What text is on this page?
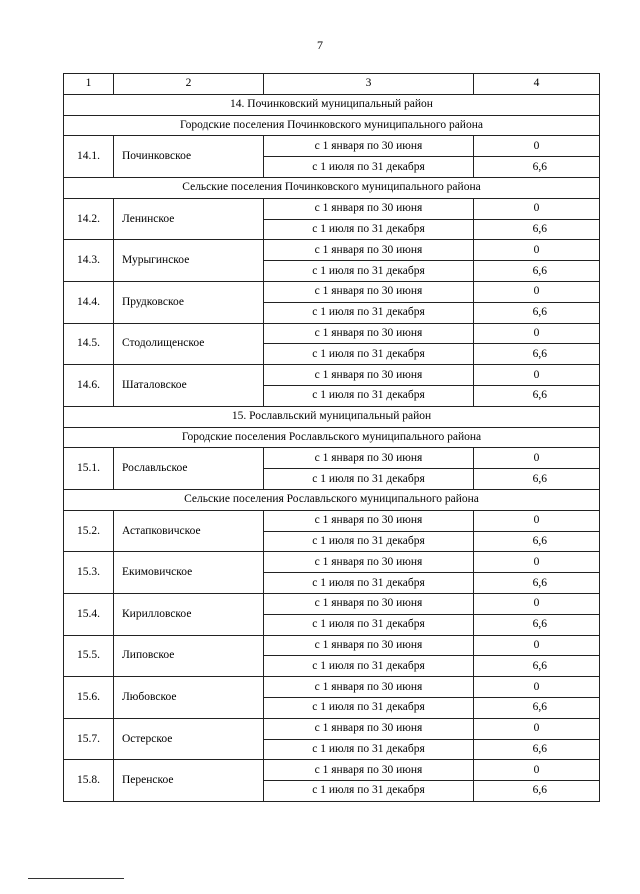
7
1	2	3	4
14. Починковский муниципальный район			
Городские поселения Починковского муниципального района			
14.1.	Починковское	с 1 января по 30 июня	0
		с 1 июля по 31 декабря	6,6
Сельские поселения Починковского муниципального района			
14.2.	Ленинское	с 1 января по 30 июня	0
		с 1 июля по 31 декабря	6,6
14.3.	Мурыгинское	с 1 января по 30 июня	0
		с 1 июля по 31 декабря	6,6
14.4.	Прудковское	с 1 января по 30 июня	0
		с 1 июля по 31 декабря	6,6
14.5.	Стодолищенское	с 1 января по 30 июня	0
		с 1 июля по 31 декабря	6,6
14.6.	Шаталовское	с 1 января по 30 июня	0
		с 1 июля по 31 декабря	6,6
15. Рославльский муниципальный район			
Городские поселения Рославльского муниципального района			
15.1.	Рославльское	с 1 января по 30 июня	0
		с 1 июля по 31 декабря	6,6
Сельские поселения Рославльского муниципального района			
15.2.	Астапковичское	с 1 января по 30 июня	0
		с 1 июля по 31 декабря	6,6
15.3.	Екимовичское	с 1 января по 30 июня	0
		с 1 июля по 31 декабря	6,6
15.4.	Кирилловское	с 1 января по 30 июня	0
		с 1 июля по 31 декабря	6,6
15.5.	Липовское	с 1 января по 30 июня	0
		с 1 июля по 31 декабря	6,6
15.6.	Любовское	с 1 января по 30 июня	0
		с 1 июля по 31 декабря	6,6
15.7.	Остерское	с 1 января по 30 июня	0
		с 1 июля по 31 декабря	6,6
15.8.	Перенское	с 1 января по 30 июня	0
		с 1 июля по 31 декабря	6,6
